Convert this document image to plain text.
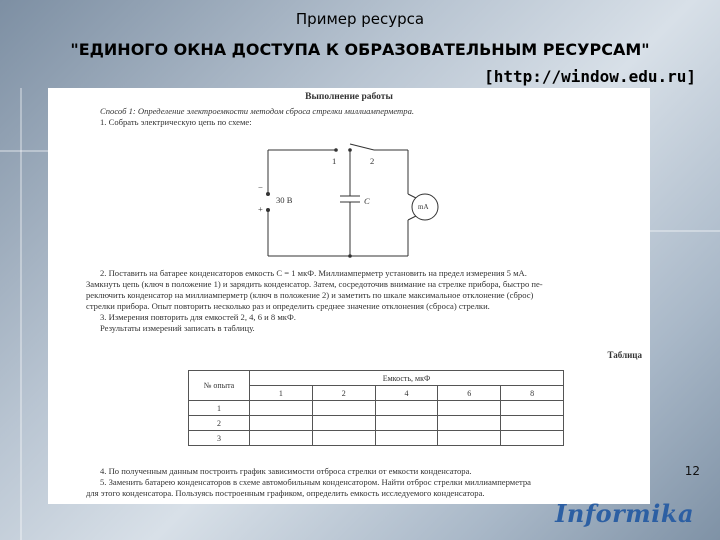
Пример ресурса
"ЕДИНОГО ОКНА ДОСТУПА К ОБРАЗОВАТЕЛЬНЫМ РЕСУРСАМ"
[http://window.edu.ru]
Выполнение работы
Способ 1: Определение электроемкости методом сброса стрелки миллиамперметра.
1. Собрать электрическую цепь по схеме:
1	2
−
+
30 В	C
mA
2. Поставить на батарее конденсаторов емкость C = 1 мкФ. Миллиамперметр установить на предел измерения 5 мА.
Замкнуть цепь (ключ в положение 1) и зарядить конденсатор. Затем, сосредоточив внимание на стрелке прибора, быстро пе-
реключить конденсатор на миллиамперметр (ключ в положение 2) и заметить по шкале максимальное отклонение (сброс)
стрелки прибора. Опыт повторить несколько раз и определить среднее значение отклонения (сброса) стрелки.
3. Измерения повторить для емкостей 2, 4, 6 и 8 мкФ.
Результаты измерений записать в таблицу.
Таблица
№ опыта	Емкость, мкФ				
	1	2	4	6	8
1					
2					
3					
4. По полученным данным построить график зависимости отброса стрелки от емкости конденсатора.
5. Заменить батарею конденсаторов в схеме автомобильным конденсатором. Найти отброс стрелки миллиамперметра
для этого конденсатора. Пользуясь построенным графиком, определить емкость исследуемого конденсатора.
12
Informika
